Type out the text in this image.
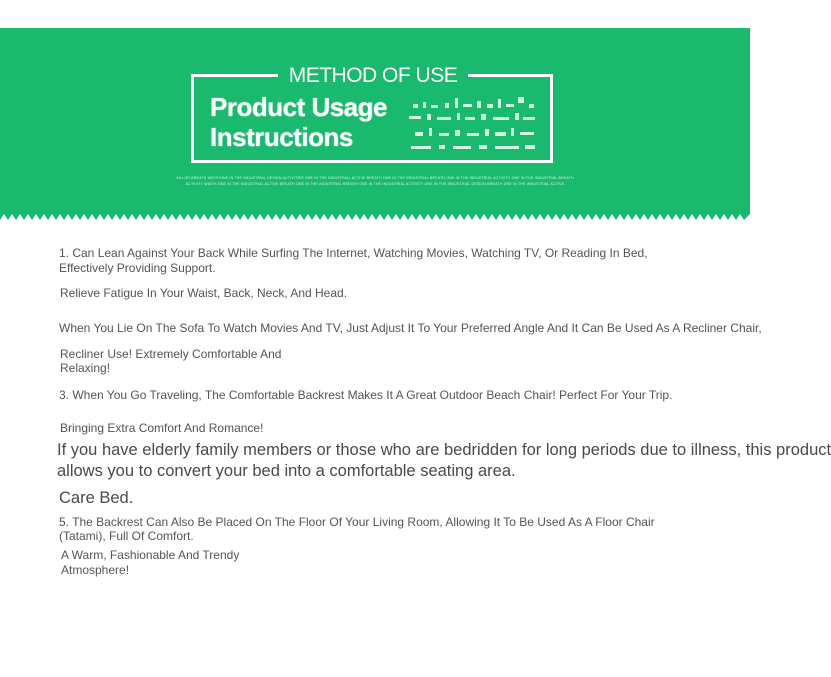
METHOD OF USE
Product Usage
Instructions
SA LOR BREATH WIDTHONE IN THE INDUSTRIAL DESIGN ACTIVITIES ONE IN THE INDUSTRIAL ACTIVE BREATH ONE IN THE INDUSTRIAL BREATH ONE IN THE INDUSTRIAL ACTIVITY ONE IN THE INDUSTRIAL BREATH ACTIVITY WIDTH ONE IN THE INDUSTRIAL ACTIVE BREATH ONE IN THE INDUSTRIAL BREATH ONE IN THE INDUSTRIAL ACTIVITY ONE IN THE INDUSTRIAL DESIGN BREATH ONE IN THE INDUSTRIAL ACTIVE
1. Can Lean Against Your Back While Surfing The Internet, Watching Movies, Watching TV, Or Reading In Bed,
Effectively Providing Support.
Relieve Fatigue In Your Waist, Back, Neck, And Head.
When You Lie On The Sofa To Watch Movies And TV, Just Adjust It To Your Preferred Angle And It Can Be Used As A Recliner Chair,
Recliner Use! Extremely Comfortable And
Relaxing!
3. When You Go Traveling, The Comfortable Backrest Makes It A Great Outdoor Beach Chair! Perfect For Your Trip.
Bringing Extra Comfort And Romance!
If you have elderly family members or those who are bedridden for long periods due to illness, this product
allows you to convert your bed into a comfortable seating area.
Care Bed.
5. The Backrest Can Also Be Placed On The Floor Of Your Living Room, Allowing It To Be Used As A Floor Chair
(Tatami), Full Of Comfort.
A Warm, Fashionable And Trendy
Atmosphere!
